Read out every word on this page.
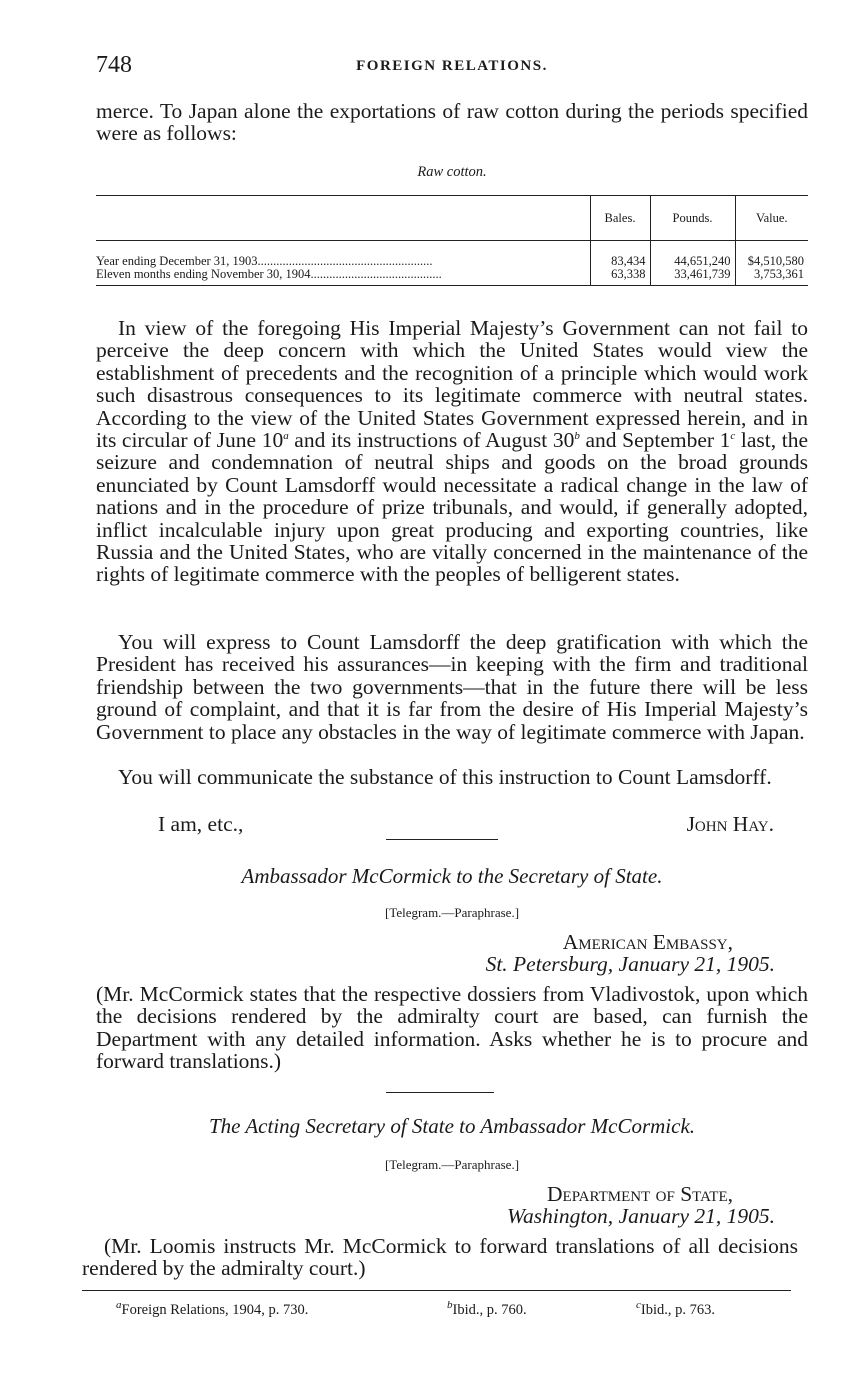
748	FOREIGN RELATIONS.
merce. To Japan alone the exportations of raw cotton during the periods specified were as follows:
Raw cotton.
	Bales.	Pounds.	Value.
Year ending December 31, 1903........................................................	83,434	44,651,240	$4,510,580
Eleven months ending November 30, 1904..........................................	63,338	33,461,739	3,753,361
In view of the foregoing His Imperial Majesty’s Government can not fail to perceive the deep concern with which the United States would view the establishment of precedents and the recognition of a principle which would work such disastrous consequences to its legitimate commerce with neutral states. According to the view of the United States Government expressed herein, and in its circular of June 10$^a$ and its instructions of August 30$^b$ and September 1$^c$ last, the seizure and condemnation of neutral ships and goods on the broad grounds enunciated by Count Lamsdorff would necessitate a radical change in the law of nations and in the procedure of prize tribunals, and would, if generally adopted, inflict incalculable injury upon great producing and exporting countries, like Russia and the United States, who are vitally concerned in the maintenance of the rights of legitimate commerce with the peoples of belligerent states.
You will express to Count Lamsdorff the deep gratification with which the President has received his assurances—in keeping with the firm and traditional friendship between the two governments—that in the future there will be less ground of complaint, and that it is far from the desire of His Imperial Majesty’s Government to place any obstacles in the way of legitimate commerce with Japan.
You will communicate the substance of this instruction to Count Lamsdorff.
I am, etc.,	John Hay.
Ambassador McCormick to the Secretary of State.
[Telegram.—Paraphrase.]
American Embassy,
St. Petersburg, January 21, 1905.
(Mr. McCormick states that the respective dossiers from Vladivostok, upon which the decisions rendered by the admiralty court are based, can furnish the Department with any detailed information. Asks whether he is to procure and forward translations.)
The Acting Secretary of State to Ambassador McCormick.
[Telegram.—Paraphrase.]
Department of State,
Washington, January 21, 1905.
(Mr. Loomis instructs Mr. McCormick to forward translations of all decisions rendered by the admiralty court.)
$^a$Foreign Relations, 1904, p. 730.	$^b$Ibid., p. 760.	$^c$Ibid., p. 763.
